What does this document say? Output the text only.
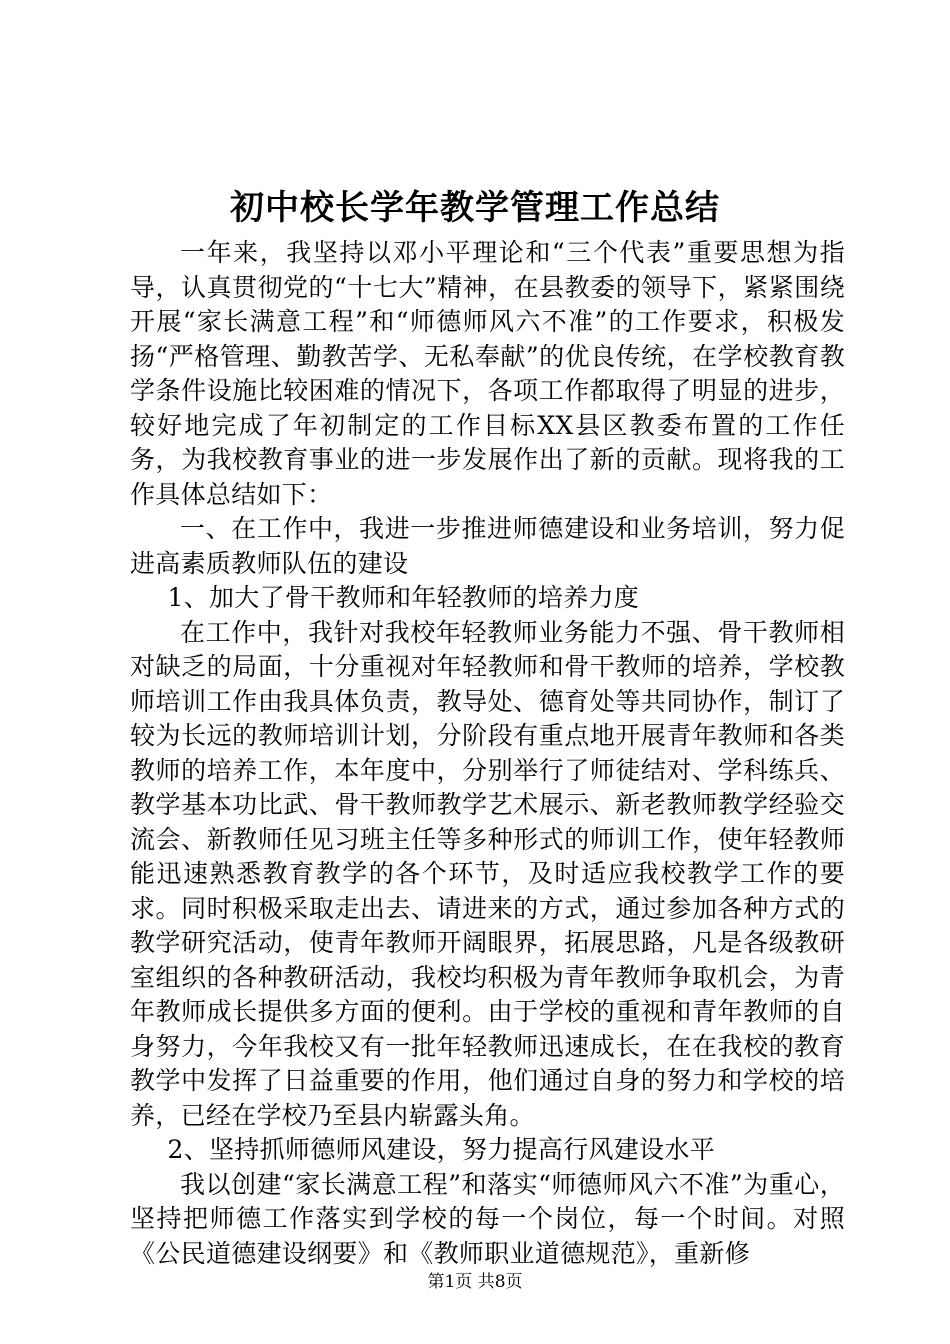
初中校长学年教学管理工作总结

一年来，我坚持以邓小平理论和“三个代表”重要思想为指导，认真贯彻党的“十七大”精神，在县教委的领导下，紧紧围绕开展“家长满意工程”和“师德师风六不准”的工作要求，积极发扬“严格管理、勤教苦学、无私奉献”的优良传统，在学校教育教学条件设施比较困难的情况下，各项工作都取得了明显的进步，较好地完成了年初制定的工作目标XX县区教委布置的工作任务，为我校教育事业的进一步发展作出了新的贡献。现将我的工作具体总结如下：

一、在工作中，我进一步推进师德建设和业务培训，努力促进高素质教师队伍的建设

1、加大了骨干教师和年轻教师的培养力度

在工作中，我针对我校年轻教师业务能力不强、骨干教师相对缺乏的局面，十分重视对年轻教师和骨干教师的培养，学校教师培训工作由我具体负责，教导处、德育处等共同协作，制订了较为长远的教师培训计划，分阶段有重点地开展青年教师和各类教师的培养工作，本年度中，分别举行了师徒结对、学科练兵、教学基本功比武、骨干教师教学艺术展示、新老教师教学经验交流会、新教师任见习班主任等多种形式的师训工作，使年轻教师能迅速熟悉教育教学的各个环节，及时适应我校教学工作的要求。同时积极采取走出去、请进来的方式，通过参加各种方式的教学研究活动，使青年教师开阔眼界，拓展思路，凡是各级教研室组织的各种教研活动，我校均积极为青年教师争取机会，为青年教师成长提供多方面的便利。由于学校的重视和青年教师的自身努力，今年我校又有一批年轻教师迅速成长，在在我校的教育教学中发挥了日益重要的作用，他们通过自身的努力和学校的培养，已经在学校乃至县内崭露头角。

2、坚持抓师德师风建设，努力提高行风建设水平

我以创建“家长满意工程”和落实“师德师风六不准”为重心，坚持把师德工作落实到学校的每一个岗位，每一个时间。对照《公民道德建设纲要》和《教师职业道德规范》，重新修

第1页 共8页
